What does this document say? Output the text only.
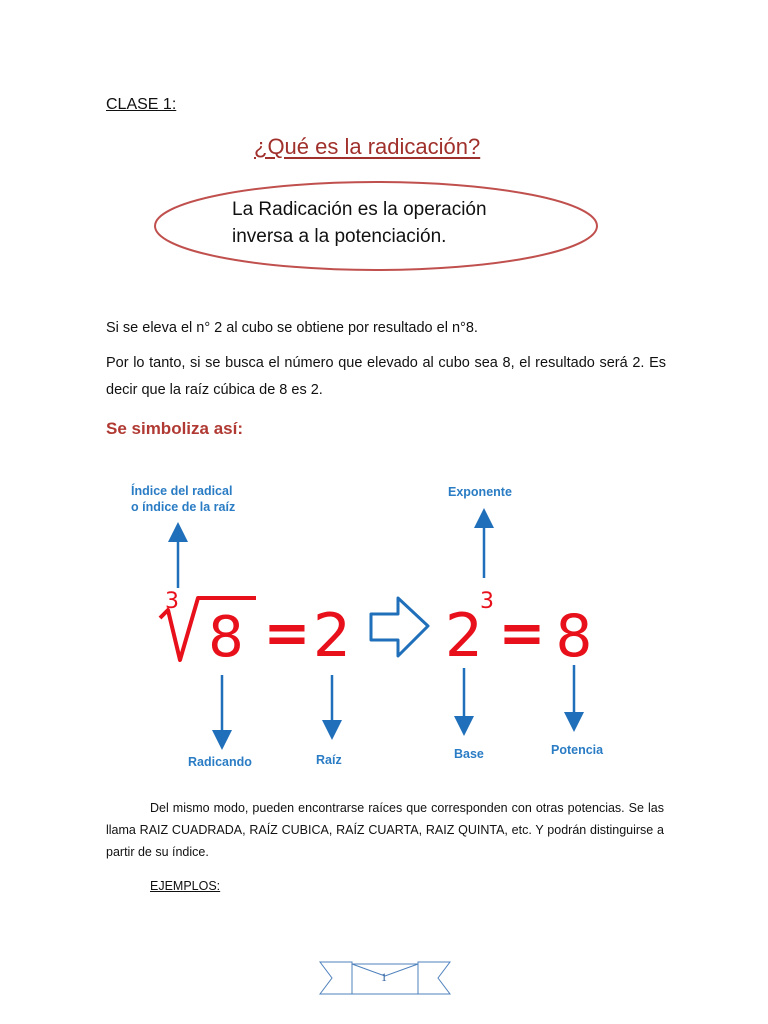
CLASE 1:
¿Qué es la radicación?
La Radicación es la operación
inversa a la potenciación.
Si se eleva el n° 2 al cubo se obtiene por resultado el n°8.
Por lo tanto, si se busca el número que elevado al cubo sea 8, el resultado será 2. Es decir que la raíz cúbica de 8 es 2.
Se simboliza así:
Índice del radical
o índice de la raíz
Exponente
3
8 = 2 2
3 = 8
Radicando	Raíz	Base	Potencia
Del mismo modo, pueden encontrarse raíces que corresponden con otras potencias. Se las llama RAIZ CUADRADA, RAÍZ CUBICA, RAÍZ CUARTA, RAIZ QUINTA, etc. Y podrán distinguirse a partir de su índice.
EJEMPLOS:
1
